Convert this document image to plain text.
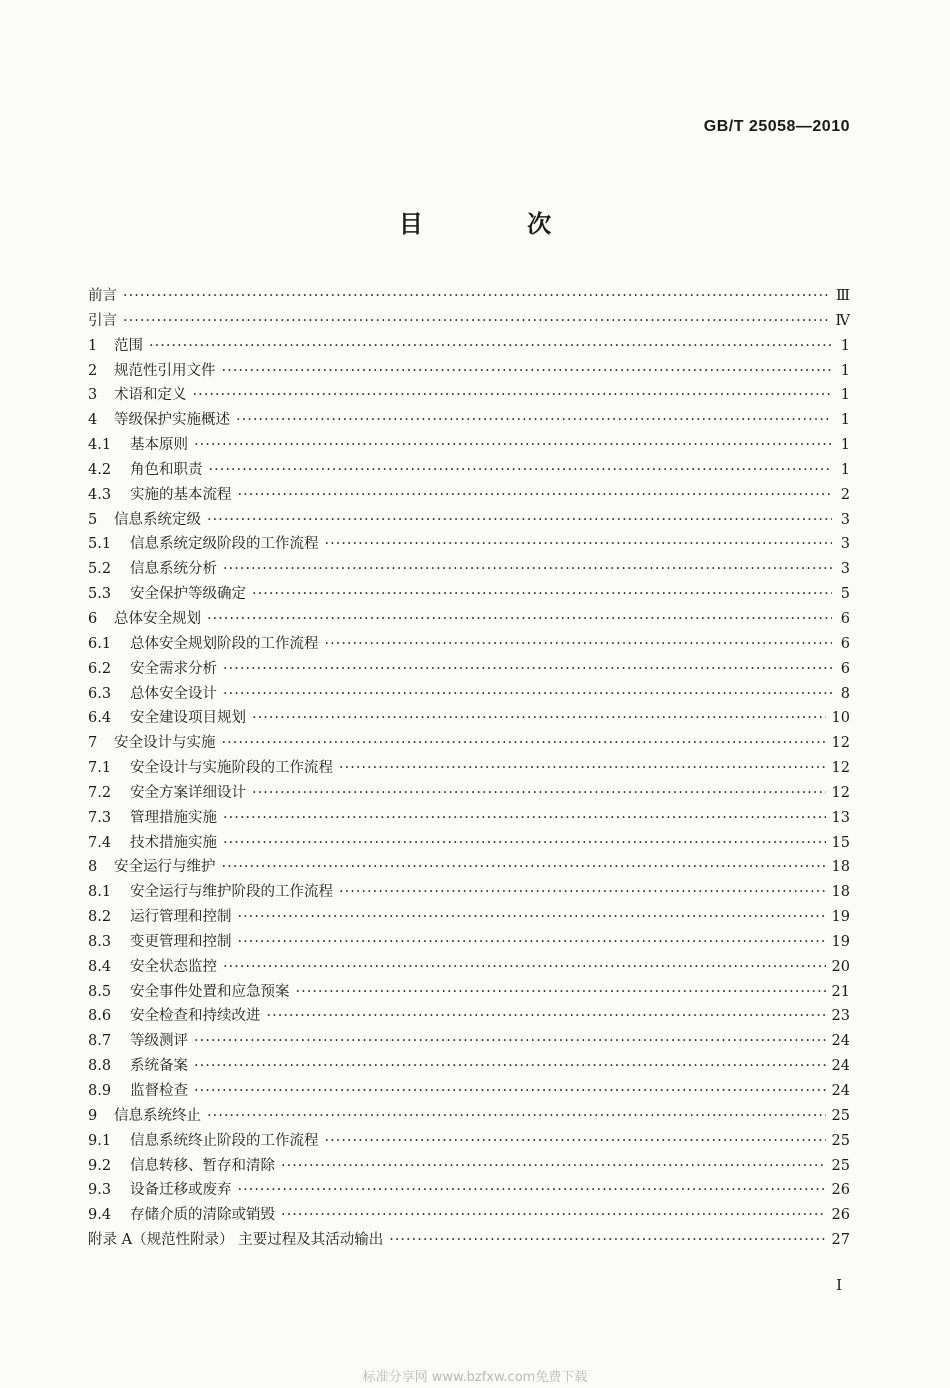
GB/T 25058—2010
目 次
前言 ·····	Ⅲ
引言 ·····	Ⅳ
1	范围 ·····	1
2	规范性引用文件 ·····	1
3	术语和定义 ·····	1
4	等级保护实施概述 ·····	1
4.1	基本原则 ·····	1
4.2	角色和职责 ·····	1
4.3	实施的基本流程 ·····	2
5	信息系统定级 ·····	3
5.1	信息系统定级阶段的工作流程 ·····	3
5.2	信息系统分析 ·····	3
5.3	安全保护等级确定 ·····	5
6	总体安全规划 ·····	6
6.1	总体安全规划阶段的工作流程 ·····	6
6.2	安全需求分析 ·····	6
6.3	总体安全设计 ·····	8
6.4	安全建设项目规划 ·····	10
7	安全设计与实施 ·····	12
7.1	安全设计与实施阶段的工作流程 ·····	12
7.2	安全方案详细设计 ·····	12
7.3	管理措施实施 ·····	13
7.4	技术措施实施 ·····	15
8	安全运行与维护 ·····	18
8.1	安全运行与维护阶段的工作流程 ·····	18
8.2	运行管理和控制 ·····	19
8.3	变更管理和控制 ·····	19
8.4	安全状态监控 ·····	20
8.5	安全事件处置和应急预案 ·····	21
8.6	安全检查和持续改进 ·····	23
8.7	等级测评 ·····	24
8.8	系统备案 ·····	24
8.9	监督检查 ·····	24
9	信息系统终止 ·····	25
9.1	信息系统终止阶段的工作流程 ·····	25
9.2	信息转移、暂存和清除 ·····	25
9.3	设备迁移或废弃 ·····	26
9.4	存储介质的清除或销毁 ·····	26
附录 A（规范性附录） 主要过程及其活动输出 ·····	27
I
标准分享网 www.bzfxw.com免费下载
